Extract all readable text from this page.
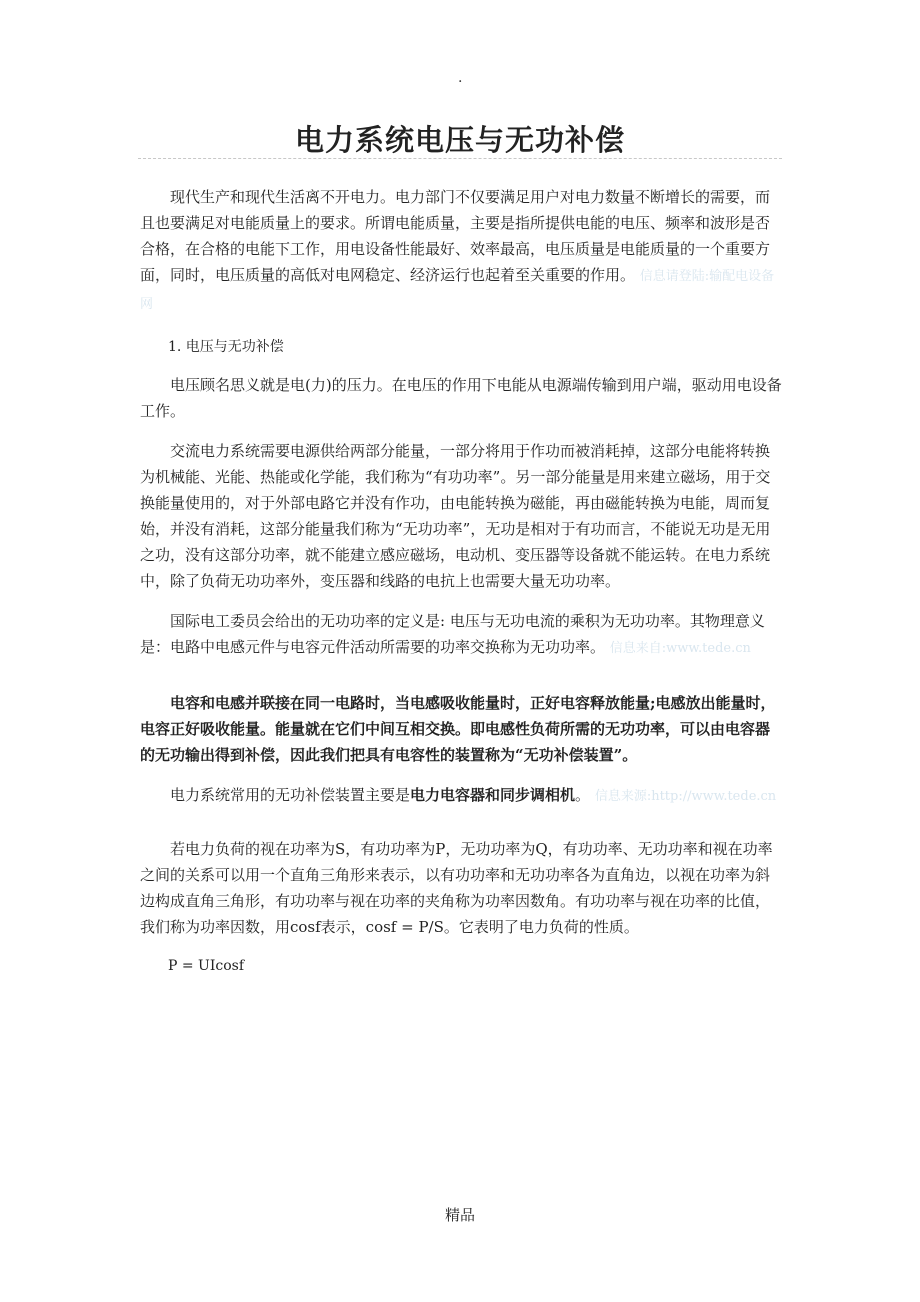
.
电力系统电压与无功补偿

现代生产和现代生活离不开电力。电力部门不仅要满足用户对电力数量不断增长的需要，而且也要满足对电能质量上的要求。所谓电能质量，主要是指所提供电能的电压、频率和波形是否合格，在合格的电能下工作，用电设备性能最好、效率最高，电压质量是电能质量的一个重要方面，同时，电压质量的高低对电网稳定、经济运行也起着至关重要的作用。 信息请登陆:输配电设备网

1. 电压与无功补偿

电压顾名思义就是电(力)的压力。在电压的作用下电能从电源端传输到用户端，驱动用电设备工作。

交流电力系统需要电源供给两部分能量，一部分将用于作功而被消耗掉，这部分电能将转换为机械能、光能、热能或化学能，我们称为“有功功率”。另一部分能量是用来建立磁场，用于交换能量使用的，对于外部电路它并没有作功，由电能转换为磁能，再由磁能转换为电能，周而复始，并没有消耗，这部分能量我们称为“无功功率”，无功是相对于有功而言，不能说无功是无用之功，没有这部分功率，就不能建立感应磁场，电动机、变压器等设备就不能运转。在电力系统中，除了负荷无功功率外，变压器和线路的电抗上也需要大量无功功率。

国际电工委员会给出的无功功率的定义是: 电压与无功电流的乘积为无功功率。其物理意义是：电路中电感元件与电容元件活动所需要的功率交换称为无功功率。 信息来自:www.tede.cn

电容和电感并联接在同一电路时，当电感吸收能量时，正好电容释放能量;电感放出能量时，电容正好吸收能量。能量就在它们中间互相交换。即电感性负荷所需的无功功率，可以由电容器的无功输出得到补偿，因此我们把具有电容性的装置称为“无功补偿装置”。

电力系统常用的无功补偿装置主要是电力电容器和同步调相机。 信息来源:http://www.tede.cn

若电力负荷的视在功率为S，有功功率为P，无功功率为Q，有功功率、无功功率和视在功率之间的关系可以用一个直角三角形来表示，以有功功率和无功功率各为直角边，以视在功率为斜边构成直角三角形，有功功率与视在功率的夹角称为功率因数角。有功功率与视在功率的比值，我们称为功率因数，用cosf表示，cosf = P/S。它表明了电力负荷的性质。

P = UIcosf

精品
